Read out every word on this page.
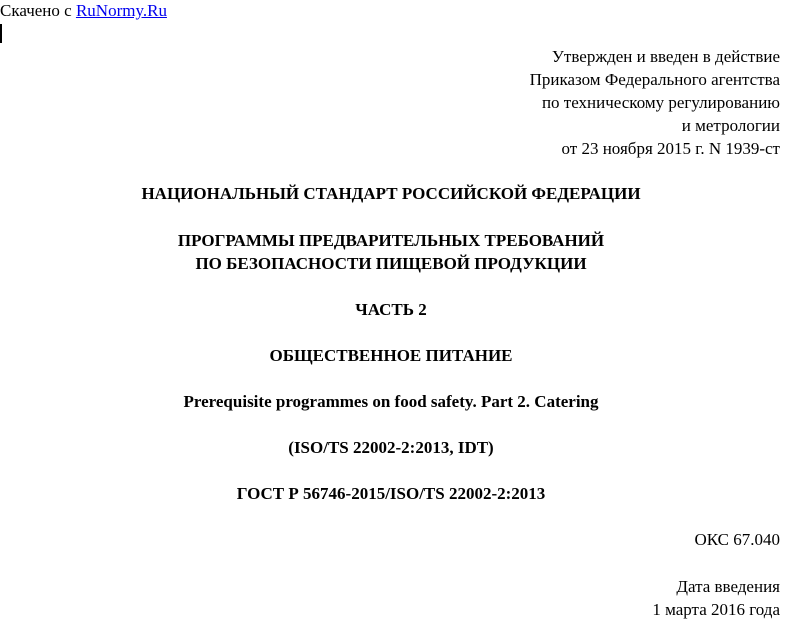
Скачено с RuNormy.Ru
Утвержден и введен в действие
Приказом Федерального агентства
по техническому регулированию
и метрологии
от 23 ноября 2015 г. N 1939-ст
НАЦИОНАЛЬНЫЙ СТАНДАРТ РОССИЙСКОЙ ФЕДЕРАЦИИ
ПРОГРАММЫ ПРЕДВАРИТЕЛЬНЫХ ТРЕБОВАНИЙ
ПО БЕЗОПАСНОСТИ ПИЩЕВОЙ ПРОДУКЦИИ
ЧАСТЬ 2
ОБЩЕСТВЕННОЕ ПИТАНИЕ
Prerequisite programmes on food safety. Part 2. Catering
(ISO/TS 22002-2:2013, IDT)
ГОСТ Р 56746-2015/ISO/TS 22002-2:2013
ОКС 67.040
Дата введения
1 марта 2016 года
